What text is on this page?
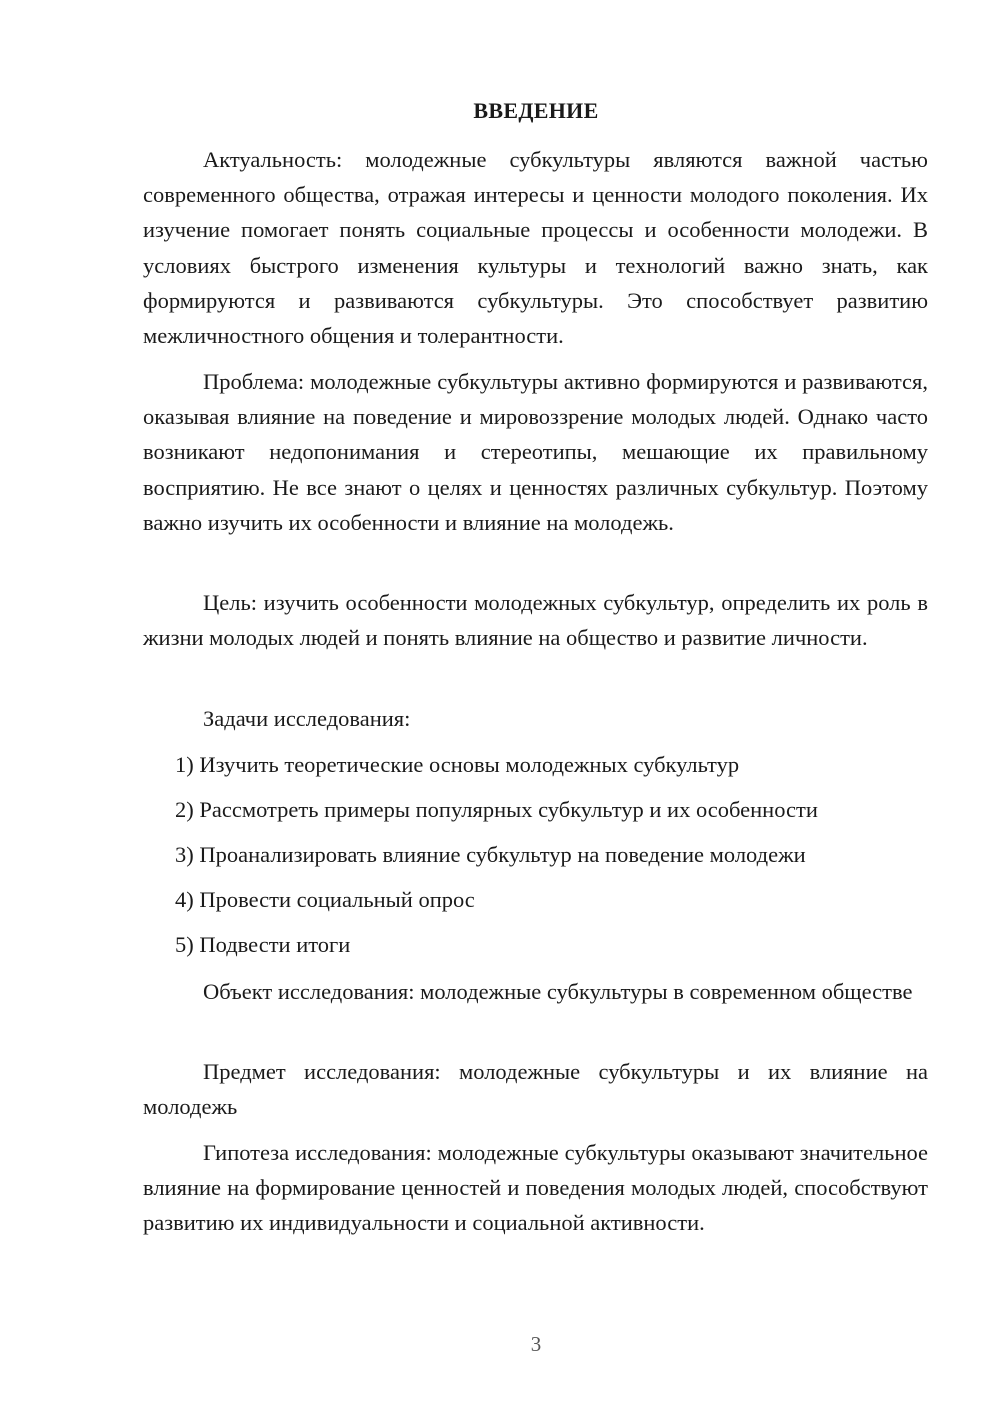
ВВЕДЕНИЕ

Актуальность: молодежные субкультуры являются важной частью современного общества, отражая интересы и ценности молодого поколения. Их изучение помогает понять социальные процессы и особенности молодежи. В условиях быстрого изменения культуры и технологий важно знать, как формируются и развиваются субкультуры. Это способствует развитию межличностного общения и толерантности.

Проблема: молодежные субкультуры активно формируются и развиваются, оказывая влияние на поведение и мировоззрение молодых людей. Однако часто возникают недопонимания и стереотипы, мешающие их правильному восприятию. Не все знают о целях и ценностях различных субкультур. Поэтому важно изучить их особенности и влияние на молодежь.

Цель: изучить особенности молодежных субкультур, определить их роль в жизни молодых людей и понять влияние на общество и развитие личности.

Задачи исследования:
1) Изучить теоретические основы молодежных субкультур
2) Рассмотреть примеры популярных субкультур и их особенности
3) Проанализировать влияние субкультур на поведение молодежи
4) Провести социальный опрос
5) Подвести итоги

Объект исследования: молодежные субкультуры в современном обществе

Предмет исследования: молодежные субкультуры и их влияние на молодежь

Гипотеза исследования: молодежные субкультуры оказывают значительное влияние на формирование ценностей и поведения молодых людей, способствуют развитию их индивидуальности и социальной активности.

3
